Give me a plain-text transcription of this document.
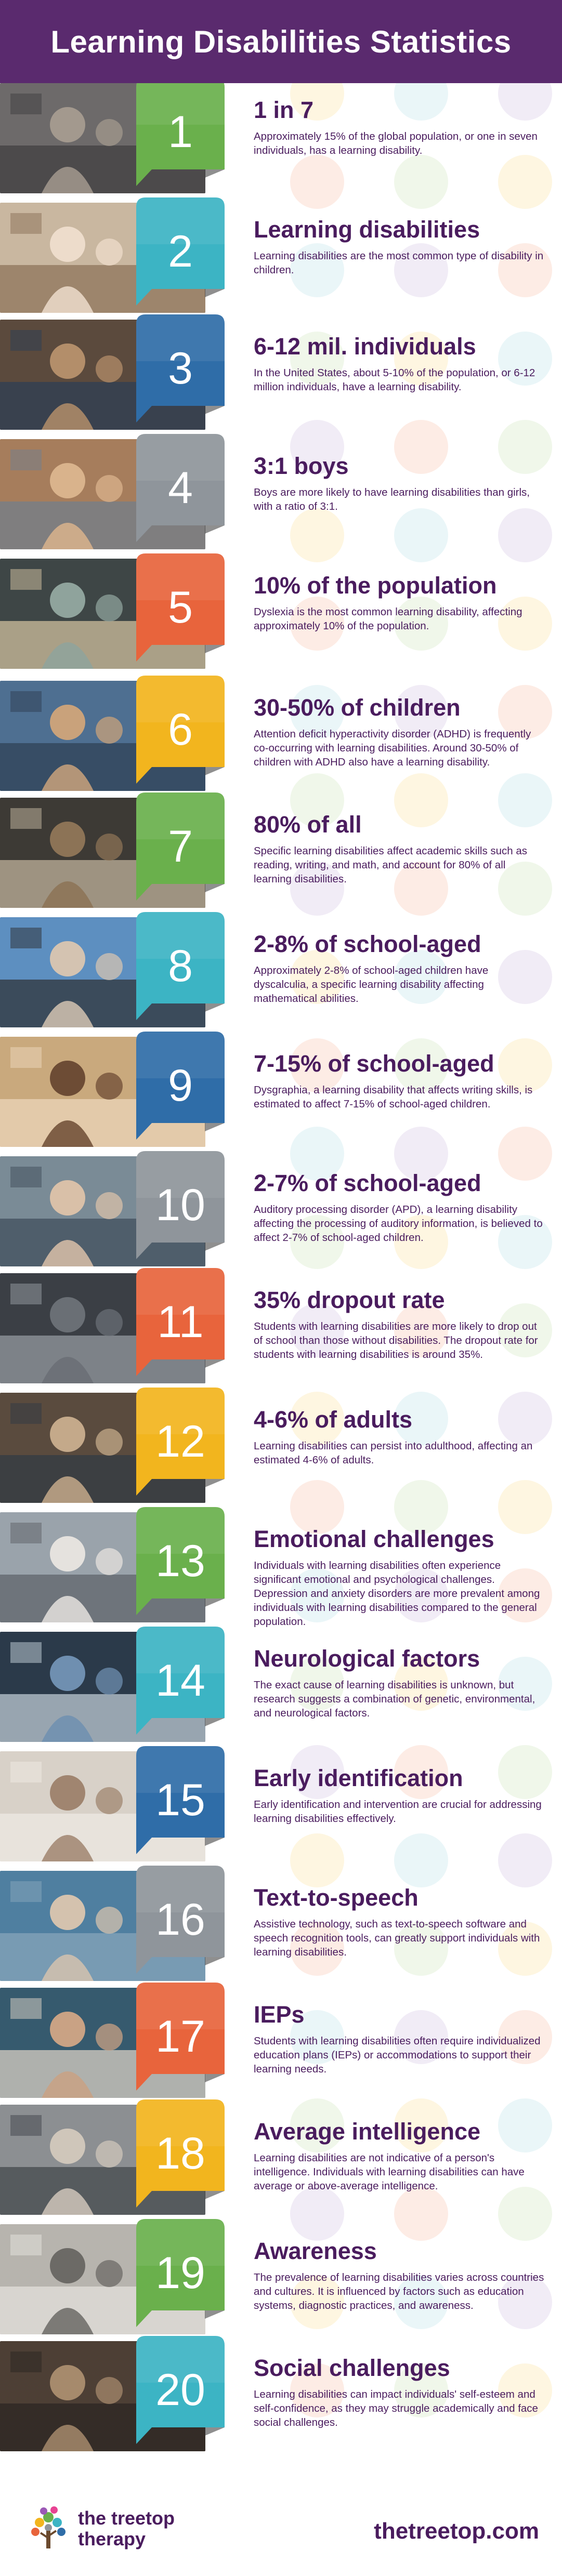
Learning Disabilities Statistics
1	1 in 7

Approximately 15% of the global population, or one in seven individuals, has a learning disability.

2	Learning disabilities

Learning disabilities are the most common type of disability in children.

3	6-12 mil. individuals

In the United States, about 5-10% of the population, or 6-12 million individuals, have a learning disability.

4	3:1 boys

Boys are more likely to have learning disabilities than girls, with a ratio of 3:1.

5	10% of the population

Dyslexia is the most common learning disability, affecting approximately 10% of the population.

6	30-50% of children

Attention deficit hyperactivity disorder (ADHD) is frequently co-occurring with learning disabilities. Around 30-50% of children with ADHD also have a learning disability.

7	80% of all

Specific learning disabilities affect academic skills such as reading, writing, and math, and account for 80% of all learning disabilities.

8	2-8% of school-aged

Approximately 2-8% of school-aged children have dyscalculia, a specific learning disability affecting mathematical abilities.

9	7-15% of school-aged

Dysgraphia, a learning disability that affects writing skills, is estimated to affect 7-15% of school-aged children.

10	2-7% of school-aged

Auditory processing disorder (APD), a learning disability affecting the processing of auditory information, is believed to affect 2-7% of school-aged children.

11	35% dropout rate

Students with learning disabilities are more likely to drop out of school than those without disabilities. The dropout rate for students with learning disabilities is around 35%.

12	4-6% of adults

Learning disabilities can persist into adulthood, affecting an estimated 4-6% of adults.

13	Emotional challenges

Individuals with learning disabilities often experience significant emotional and psychological challenges. Depression and anxiety disorders are more prevalent among individuals with learning disabilities compared to the general population.

14	Neurological factors

The exact cause of learning disabilities is unknown, but research suggests a combination of genetic, environmental, and neurological factors.

15	Early identification

Early identification and intervention are crucial for addressing learning disabilities effectively.

16	Text-to-speech

Assistive technology, such as text-to-speech software and speech recognition tools, can greatly support individuals with learning disabilities.

17	IEPs

Students with learning disabilities often require individualized education plans (IEPs) or accommodations to support their learning needs.

18	Average intelligence

Learning disabilities are not indicative of a person's intelligence. Individuals with learning disabilities can have average or above-average intelligence.

19	Awareness

The prevalence of learning disabilities varies across countries and cultures. It is influenced by factors such as education systems, diagnostic practices, and awareness.

20	Social challenges

Learning disabilities can impact individuals' self-esteem and self-confidence, as they may struggle academically and face social challenges.

the treetop
therapy	thetreetop.com
